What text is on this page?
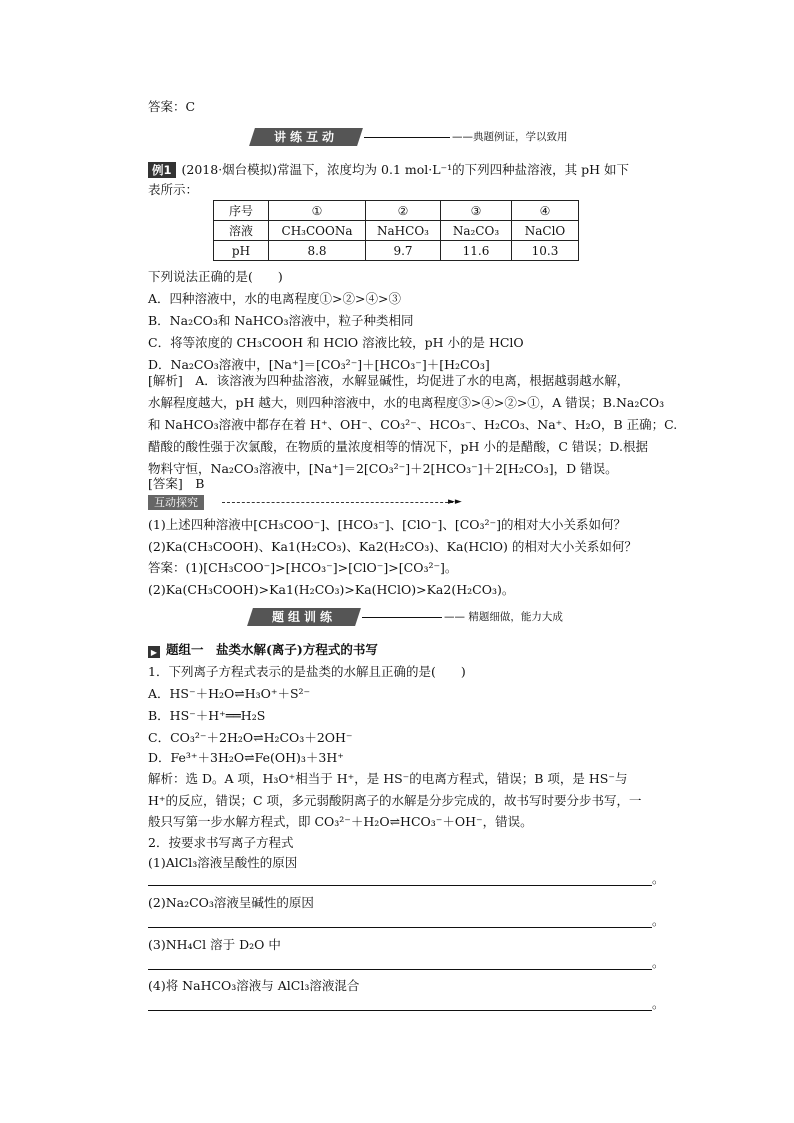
答案：C
讲练互动	——典题例证，学以致用
例1 (2018·烟台模拟)常温下，浓度均为 0.1 mol·L⁻¹的下列四种盐溶液，其 pH 如下
表所示：
序号	①	②	③	④
溶液	CH₃COONa	NaHCO₃	Na₂CO₃	NaClO
pH	8.8	9.7	11.6	10.3
下列说法正确的是(　　)
A．四种溶液中，水的电离程度①>②>④>③
B．Na₂CO₃和 NaHCO₃溶液中，粒子种类相同
C．将等浓度的 CH₃COOH 和 HClO 溶液比较，pH 小的是 HClO
D．Na₂CO₃溶液中，[Na⁺]＝[CO₃²⁻]＋[HCO₃⁻]＋[H₂CO₃]
[解析]　A．该溶液为四种盐溶液，水解显碱性，均促进了水的电离，根据越弱越水解，
水解程度越大，pH 越大，则四种溶液中，水的电离程度③>④>②>①，A 错误；B.Na₂CO₃
和 NaHCO₃溶液中都存在着 H⁺、OH⁻、CO₃²⁻、HCO₃⁻、H₂CO₃、Na⁺、H₂O，B 正确；C.
醋酸的酸性强于次氯酸，在物质的量浓度相等的情况下，pH 小的是醋酸，C 错误；D.根据
物料守恒，Na₂CO₃溶液中，[Na⁺]＝2[CO₃²⁻]＋2[HCO₃⁻]＋2[H₂CO₃]，D 错误。
[答案]　B
互动探究	►►
(1)上述四种溶液中[CH₃COO⁻]、[HCO₃⁻]、[ClO⁻]、[CO₃²⁻]的相对大小关系如何？
(2)Ka(CH₃COOH)、Ka1(H₂CO₃)、Ka2(H₂CO₃)、Ka(HClO) 的相对大小关系如何？
答案：(1)[CH₃COO⁻]>[HCO₃⁻]>[ClO⁻]>[CO₃²⁻]。
(2)Ka(CH₃COOH)>Ka1(H₂CO₃)>Ka(HClO)>Ka2(H₂CO₃)。
题组训练	—— 精题细做，能力大成
▶ 题组一　盐类水解(离子)方程式的书写
1．下列离子方程式表示的是盐类的水解且正确的是(　　)
A．HS⁻＋H₂O⇌H₃O⁺＋S²⁻
B．HS⁻＋H⁺══H₂S
C．CO₃²⁻＋2H₂O⇌H₂CO₃＋2OH⁻
D．Fe³⁺＋3H₂O⇌Fe(OH)₃＋3H⁺
解析：选 D。A 项，H₃O⁺相当于 H⁺，是 HS⁻的电离方程式，错误；B 项，是 HS⁻与
H⁺的反应，错误；C 项，多元弱酸阴离子的水解是分步完成的，故书写时要分步书写，一
般只写第一步水解方程式，即 CO₃²⁻＋H₂O⇌HCO₃⁻＋OH⁻，错误。
2．按要求书写离子方程式
(1)AlCl₃溶液呈酸性的原因
。
(2)Na₂CO₃溶液呈碱性的原因
。
(3)NH₄Cl 溶于 D₂O 中
。
(4)将 NaHCO₃溶液与 AlCl₃溶液混合
。
